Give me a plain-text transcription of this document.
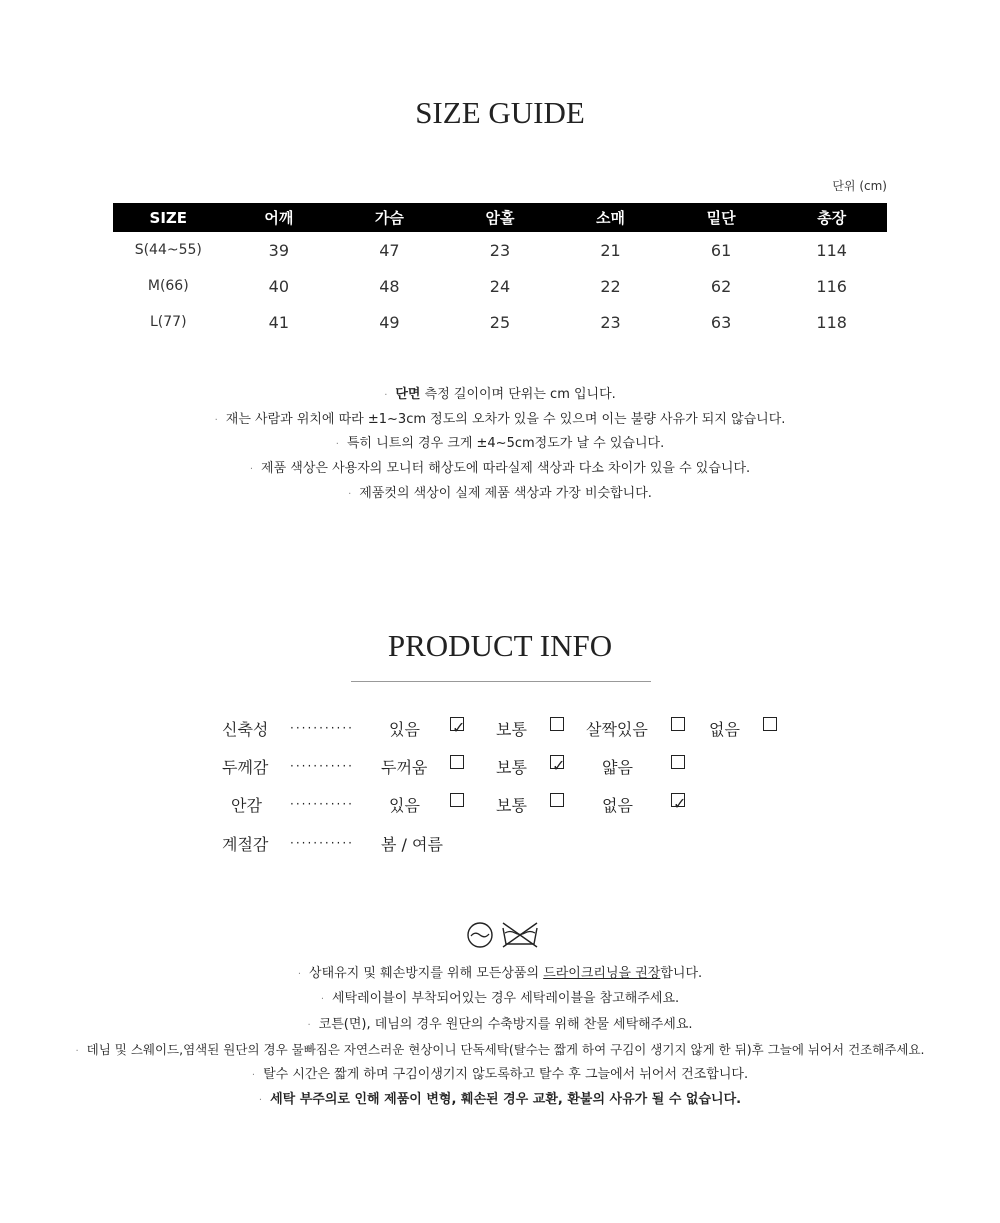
SIZE GUIDE
단위 (cm)
SIZE	어깨	가슴	암홀	소매	밑단	총장
S(44~55)	39	47	23	21	61	114
M(66)	40	48	24	22	62	116
L(77)	41	49	25	23	63	118
· 단면 측정 길이이며 단위는 cm 입니다.
· 재는 사람과 위치에 따라 ±1~3cm 정도의 오차가 있을 수 있으며 이는 불량 사유가 되지 않습니다.
· 특히 니트의 경우 크게 ±4~5cm정도가 날 수 있습니다.
· 제품 색상은 사용자의 모니터 해상도에 따라실제 색상과 다소 차이가 있을 수 있습니다.
· 제품컷의 색상이 실제 제품 색상과 가장 비슷합니다.
PRODUCT INFO
신축성 ··········· 있음 ✓ 보통	살짝있음	없음
두께감 ··········· 두꺼움	보통 ✓ 얇음
안감 ··········· 있음	보통	없음	✓
계절감 ··········· 봄 / 여름
· 상태유지 및 훼손방지를 위해 모든상품의 드라이크리닝을 권장합니다.
· 세탁레이블이 부착되어있는 경우 세탁레이블을 참고해주세요.
· 코튼(면), 데님의 경우 원단의 수축방지를 위해 찬물 세탁해주세요.
· 데님 및 스웨이드,염색된 원단의 경우 물빠짐은 자연스러운 현상이니 단독세탁(탈수는 짧게 하여 구김이 생기지 않게 한 뒤)후 그늘에 뉘어서 건조해주세요.
· 탈수 시간은 짧게 하며 구김이생기지 않도록하고 탈수 후 그늘에서 뉘어서 건조합니다.
· 세탁 부주의로 인해 제품이 변형, 훼손된 경우 교환, 환불의 사유가 될 수 없습니다.
